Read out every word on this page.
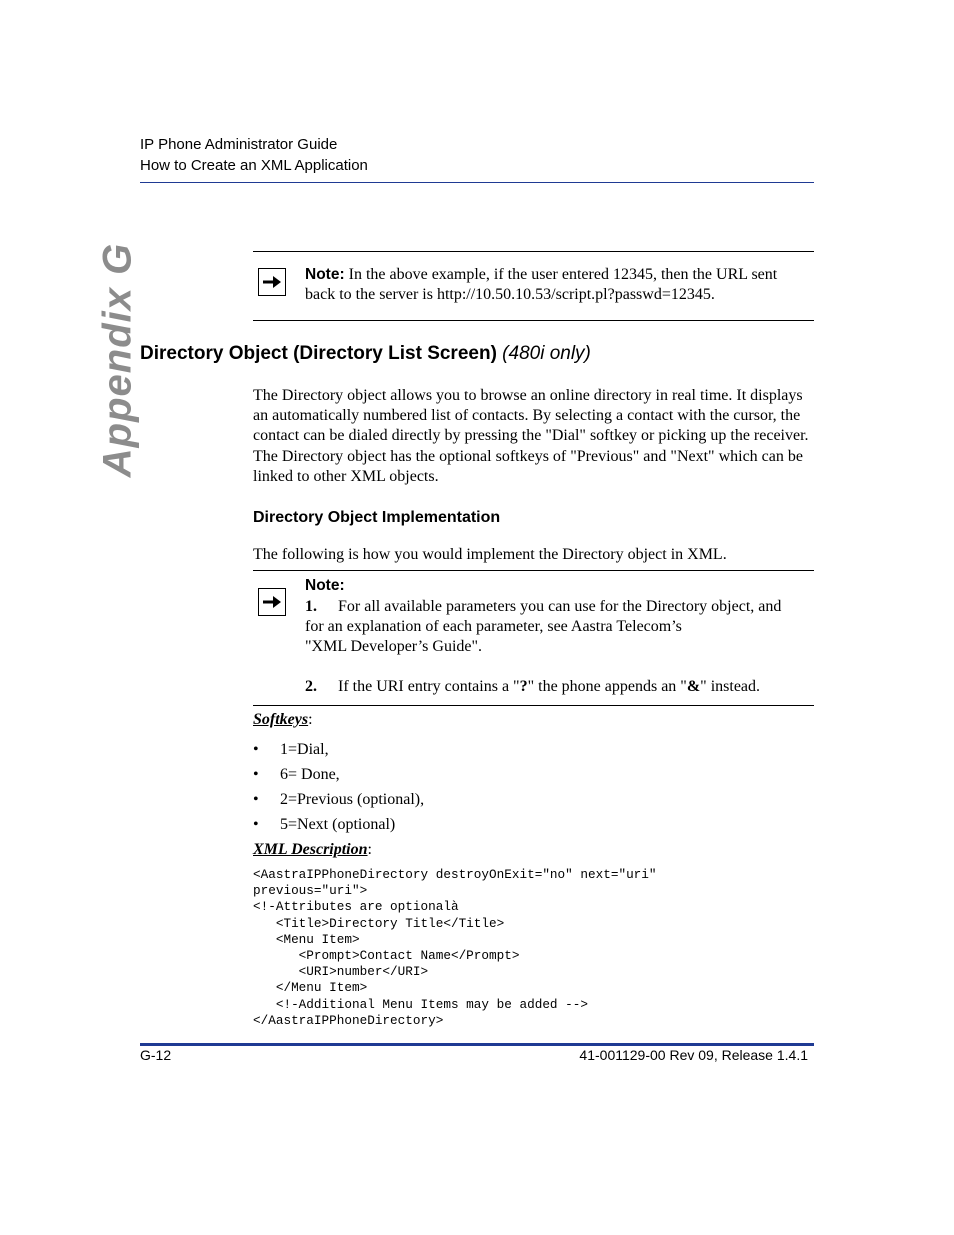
IP Phone Administrator Guide
How to Create an XML Application
Appendix G	Note: In the above example, if the user entered 12345, then the URL sent back to the server is http://10.50.10.53/script.pl?passwd=12345.
Directory Object (Directory List Screen) (480i only)
The Directory object allows you to browse an online directory in real time. It displays an automatically numbered list of contacts. By selecting a contact with the cursor, the contact can be dialed directly by pressing the "Dial" softkey or picking up the receiver. The Directory object has the optional softkeys of "Previous" and "Next" which can be linked to other XML objects.
Directory Object Implementation
The following is how you would implement the Directory object in XML.
Note:
1. For all available parameters you can use for the Directory object, and
for an explanation of each parameter, see Aastra Telecom’s
"XML Developer’s Guide".
2. If the URI entry contains a "?" the phone appends an "&" instead.
Softkeys:
• 1=Dial,
• 6= Done,
• 2=Previous (optional),
• 5=Next (optional)
XML Description:
<AastraIPPhoneDirectory destroyOnExit="no" next="uri"
previous="uri">
<!-Attributes are optionalà
<Title>Directory Title</Title>
<Menu Item>
<Prompt>Contact Name</Prompt>
<URI>number</URI>
</Menu Item>
<!-Additional Menu Items may be added -->
</AastraIPPhoneDirectory>
G-12	41-001129-00 Rev 09, Release 1.4.1
